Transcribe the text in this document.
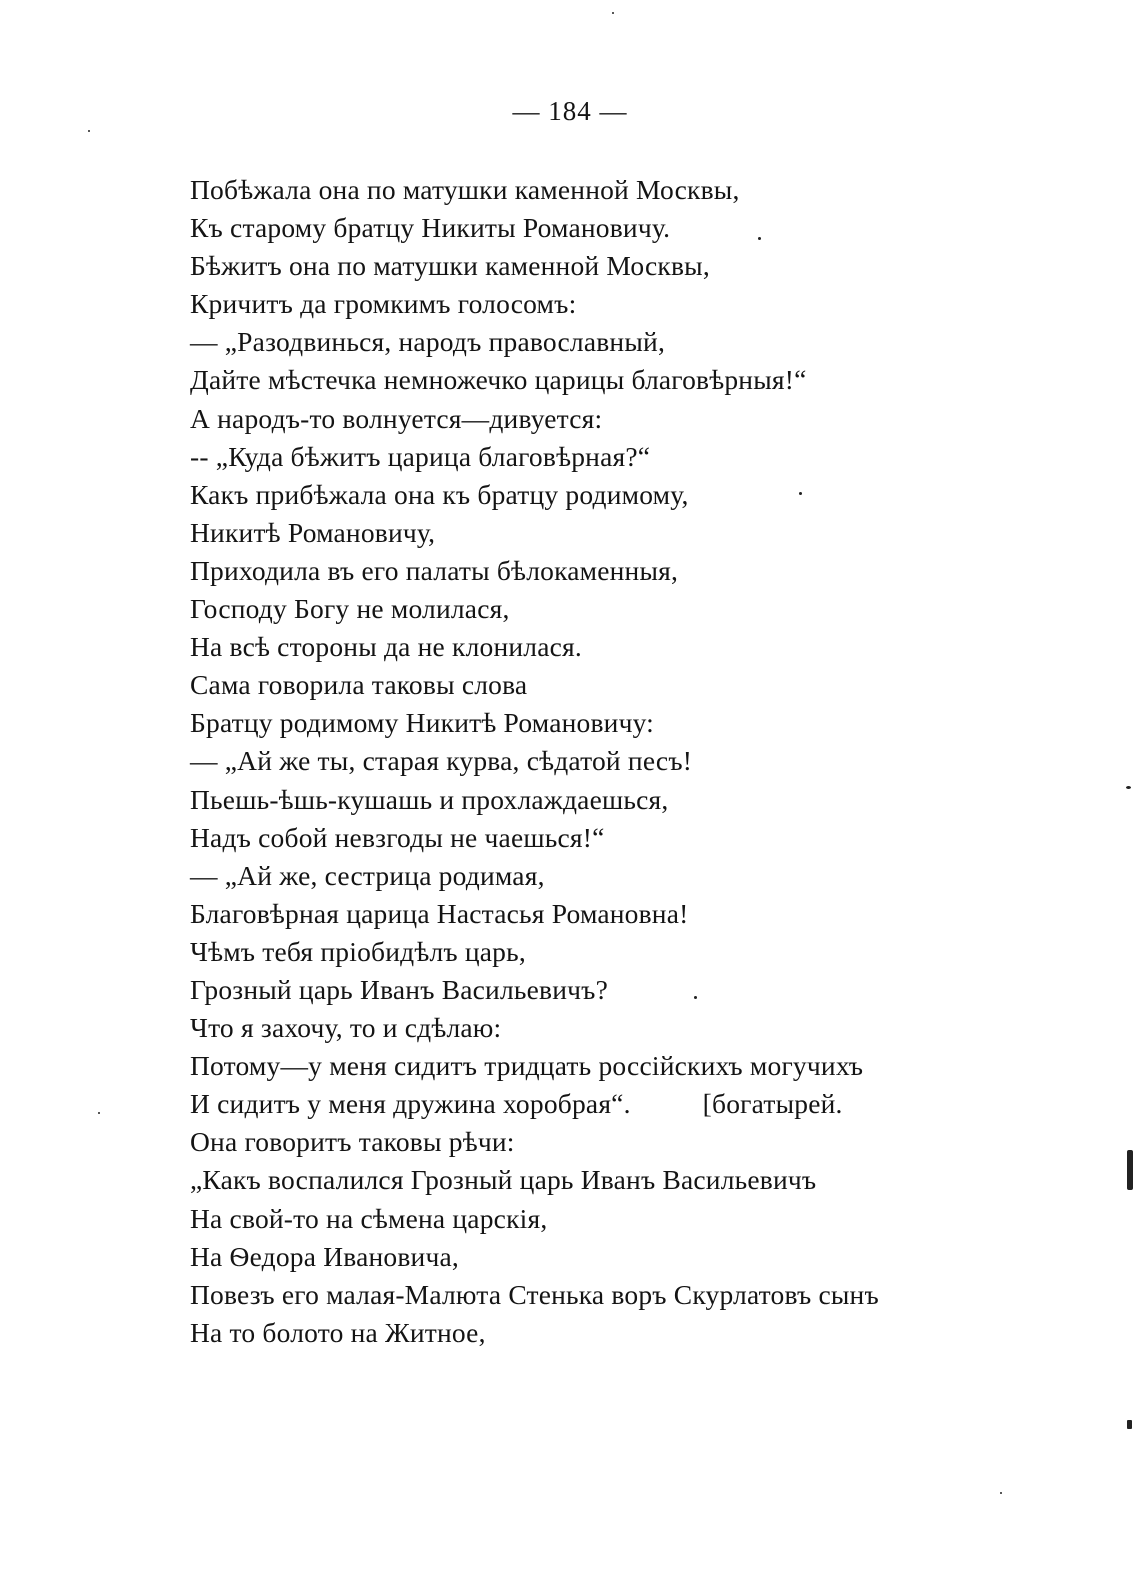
— 184 —
Побѣжала она по матушки каменной Москвы,
Къ старому братцу Никиты Романовичу.
Бѣжитъ она по матушки каменной Москвы,
Кричитъ да громкимъ голосомъ:
— „Разодвинься, народъ православный,
Дайте мѣстечка немножечко царицы благовѣрныя!“
А народъ-то волнуется—дивуется:
-- „Куда бѣжитъ царица благовѣрная?“
Какъ прибѣжала она къ братцу родимому,
Никитѣ Романовичу,
Приходила въ его палаты бѣлокаменныя,
Господу Богу не молилася,
На всѣ стороны да не клонилася.
Сама говорила таковы слова
Братцу родимому Никитѣ Романовичу:
— „Ай же ты, старая курва, сѣдатой песъ!
Пьешь-ѣшь-кушашь и прохлаждаешься,
Надъ собой невзгоды не чаешься!“
— „Ай же, сестрица родимая,
Благовѣрная царица Настасья Романовна!
Чѣмъ тебя пріобидѣлъ царь,
Грозный царь Иванъ Васильевичъ?
Что я захочу, то и сдѣлаю:
Потому—у меня сидитъ тридцать россійскихъ могучихъ
И сидитъ у меня дружина хоробрая“.	[богатырей.
Она говоритъ таковы рѣчи:
„Какъ воспалился Грозный царь Иванъ Васильевичъ
На свой-то на сѣмена царскія,
На Ѳедора Ивановича,
Повезъ его малая-Малюта Стенька воръ Скурлатовъ сынъ
На то болото на Житное,
